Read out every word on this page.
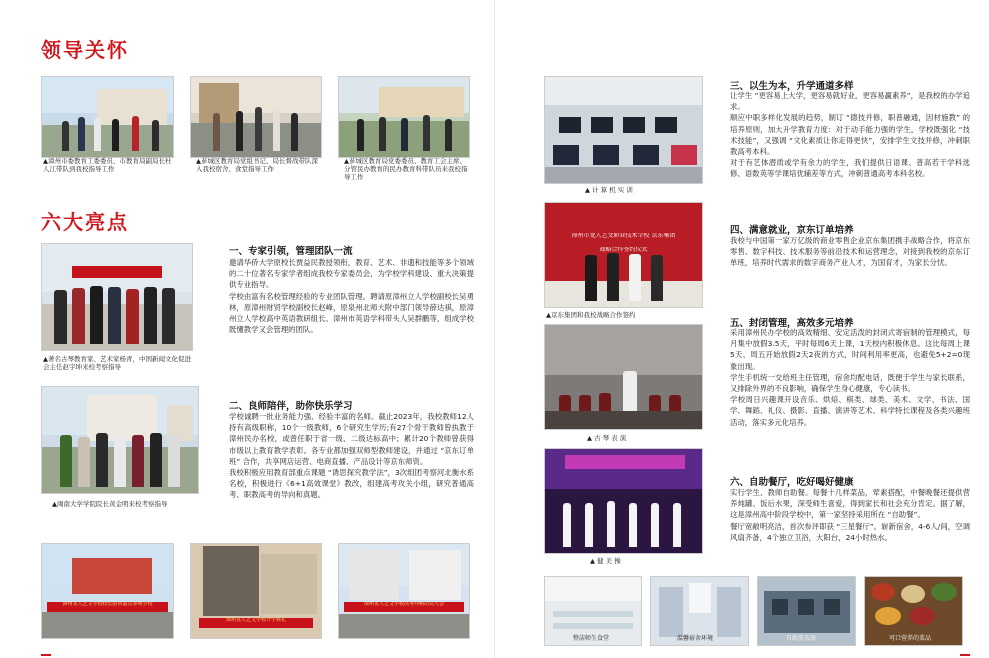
领导关怀
▲漳州市委教育工委委员、市教育局副局长杜人江带队到我校指导工作
▲芗城区教育局党组书记、局长督战带队深入我校宿舍、食堂指导工作
▲芗城区教育局党委委员、教育工会主席、分管民办教育的民办教育科带队员来我校指导工作
六大亮点
▲著名古琴教育家、艺术家杨青，中国新闻文化促进会主任赵宇坤来校考察指导
一、专家引领，管理团队一流
邀请华侨大学原校长贾益民教授领衔，教育、艺术、非遗和技能等多个领域的二十位著名专家学者组成我校专家委员会，为学校学科建设、重大决策提供专业指导。
学校由富有名校管理经验的专业团队管理。聘请原漳州立人学校副校长吴勇林，原漳州财贸学校副校长赵峰，原泉州北师大附中部门领导薛达祺，原漳州立人学校高中英语教研组长、漳州市英语学科带头人吴群鹏等，组成学校既懂教学又会管理的团队。
▲闽南大学学院院长黄金明来校考察指导
二、良师陪伴，助你快乐学习
学校诚聘一批业务能力强、经验丰富的名师。截止2023年，我校教师12人持有高级职称，10个一级教师，6个研究生学历;有27个骨干教师曾执教于漳州民办名校，或曾任职于省一级、二级达标高中；累计20个教师曾获得市级以上教育教学表彰。各专业都加强双师型教师建设，并通过 “京东订单班” 合作，共享网店运营、电商直播、产品设计等京东师资。
我校积极应用教育部重点课题 “诱思探究教学法”，3次组团考察河北衡水系名校，积极进行《6+1高效课堂》教改，组建高考攻关小组，研究普通高考、职教高考的导向和真题。
漳州龙人艺文学校校长陪同嘉宾参观学校
漳州龙人艺文学校开学典礼
漳州龙人艺文学校高考冲刺动员大会
▲ 计 算 机 实 训
漳州市龙人艺文职业技术学校 京东集团
战略合作签约仪式
▲京东集团和我校战略合作签约
▲ 古 琴 表 演
▲ 健 美 操
三、以生为本，升学通道多样
让学生 “更容易上大学，更容易就好业，更容易赢素养”，是我校的办学追求。
顺应中职多样化发展的趋势，制订 “德技并修，职普融通，因材施教” 的培养原则，加大升学教育力度：对于动手能力强的学生，学校既强化 “技术技能”，又强调 “文化素质让你走得更快”，安排学生文技并修，冲刺职教高考本科。
对于有艺体潜质或学有余力的学生，我们提供日语课、普高若干学科选修、语数英等学课培优辅差等方式，冲刺普通高考本科名校。
四、满意就业，京东订单培养
我校与中国第一家万亿级的商业零售企业京东集团携手战略合作，将京东零售、数字科技、技术服务等前沿技术和运营理念，对接到我校的京东订单班，培养时代需求的数字商务产业人才，为国育才，为家长分忧。
五、封闭管理，高效多元培养
采用漳州民办学校的高效精细、安定活泼的封闭式寄宿制的管理模式，每月集中放假3.5天，平时每周6天上课，1天校内积极休息。这比每周上课5天、周五开始放假2天2夜的方式，时间利用率更高，也避免5+2=0现象出现。
学生手机统一交给班主任管理，宿舍均配电话，既便于学生与家长联系，又排除外界的不良影响，确保学生身心健康，专心读书。
学校周日兴趣课开设音乐、烘焙、棋类、球类、美术、文学、书法、国学、舞蹈、礼仪、摄影、直播、演讲等艺术、科学特长课程及各类兴趣班活动，落实多元化培养。
六、自助餐厅，吃好喝好健康
实行学生、教师自助餐。每餐十几样菜品，荤素搭配，中餐晚餐还提供营养炖罐、饭后水果，深受师生喜爱，得到家长和社会充分肯定。据了解，这是漳州高中阶段学校中，第一家坚持采用所在 “自助餐”。
餐厅宽敞明亮洁，首次参评即获 “三星餐厅”。崭新宿舍，4-6人/间，空调风扇齐备，4个独立卫浴，大阳台，24小时热水。
整洁师生食堂	温馨宿舍环境	自助洗衣房	可口营养的菜品
